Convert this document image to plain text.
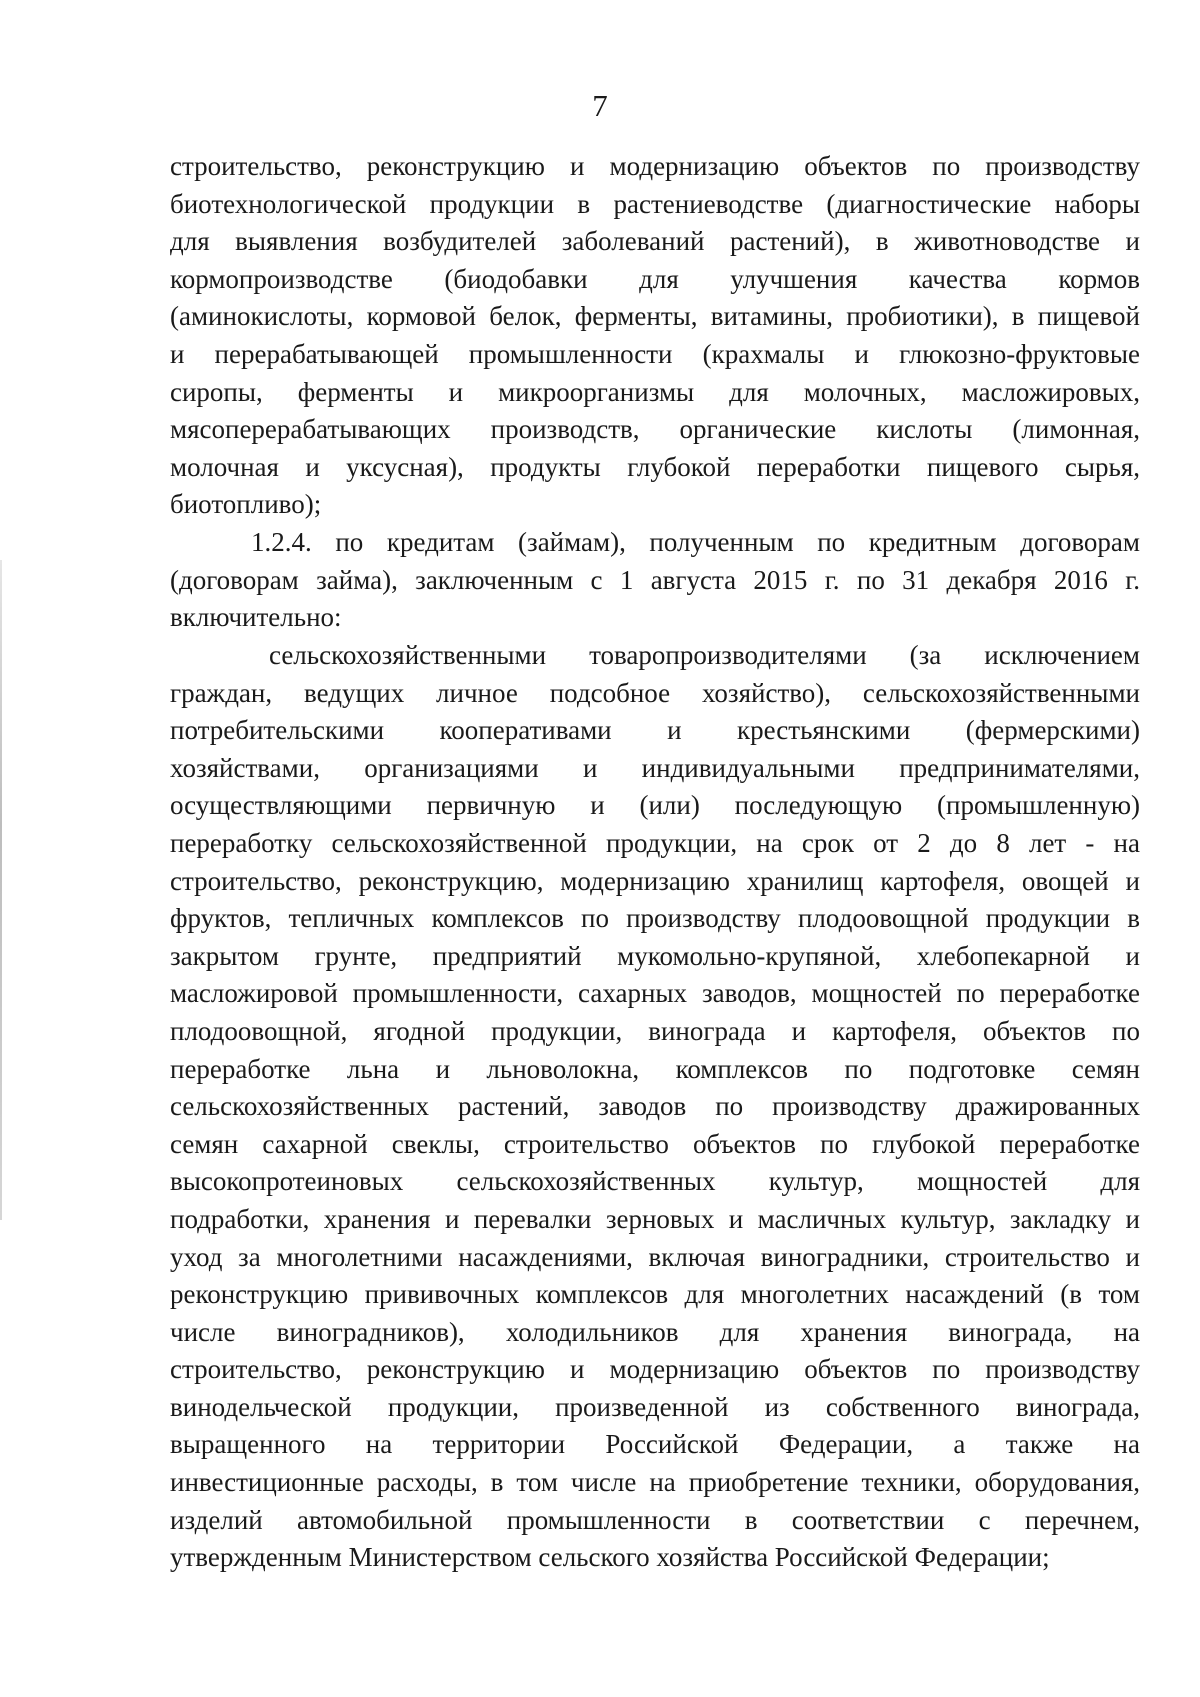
7
строительство, реконструкцию и модернизацию объектов по производству
биотехнологической продукции в растениеводстве (диагностические наборы
для выявления возбудителей заболеваний растений), в животноводстве и
кормопроизводстве (биодобавки для улучшения качества кормов
(аминокислоты, кормовой белок, ферменты, витамины, пробиотики), в пищевой
и перерабатывающей промышленности (крахмалы и глюкозно-фруктовые
сиропы, ферменты и микроорганизмы для молочных, масложировых,
мясоперерабатывающих производств, органические кислоты (лимонная,
молочная и уксусная), продукты глубокой переработки пищевого сырья,
биотопливо);
1.2.4. по кредитам (займам), полученным по кредитным договорам
(договорам займа), заключенным с 1 августа 2015 г. по 31 декабря 2016 г.
включительно:
сельскохозяйственными товаропроизводителями (за исключением
граждан, ведущих личное подсобное хозяйство), сельскохозяйственными
потребительскими кооперативами и крестьянскими (фермерскими)
хозяйствами, организациями и индивидуальными предпринимателями,
осуществляющими первичную и (или) последующую (промышленную)
переработку сельскохозяйственной продукции, на срок от 2 до 8 лет - на
строительство, реконструкцию, модернизацию хранилищ картофеля, овощей и
фруктов, тепличных комплексов по производству плодоовощной продукции в
закрытом грунте, предприятий мукомольно-крупяной, хлебопекарной и
масложировой промышленности, сахарных заводов, мощностей по переработке
плодоовощной, ягодной продукции, винограда и картофеля, объектов по
переработке льна и льноволокна, комплексов по подготовке семян
сельскохозяйственных растений, заводов по производству дражированных
семян сахарной свеклы, строительство объектов по глубокой переработке
высокопротеиновых сельскохозяйственных культур, мощностей для
подработки, хранения и перевалки зерновых и масличных культур, закладку и
уход за многолетними насаждениями, включая виноградники, строительство и
реконструкцию прививочных комплексов для многолетних насаждений (в том
числе виноградников), холодильников для хранения винограда, на
строительство, реконструкцию и модернизацию объектов по производству
винодельческой продукции, произведенной из собственного винограда,
выращенного на территории Российской Федерации, а также на
инвестиционные расходы, в том числе на приобретение техники, оборудования,
изделий автомобильной промышленности в соответствии с перечнем,
утвержденным Министерством сельского хозяйства Российской Федерации;
